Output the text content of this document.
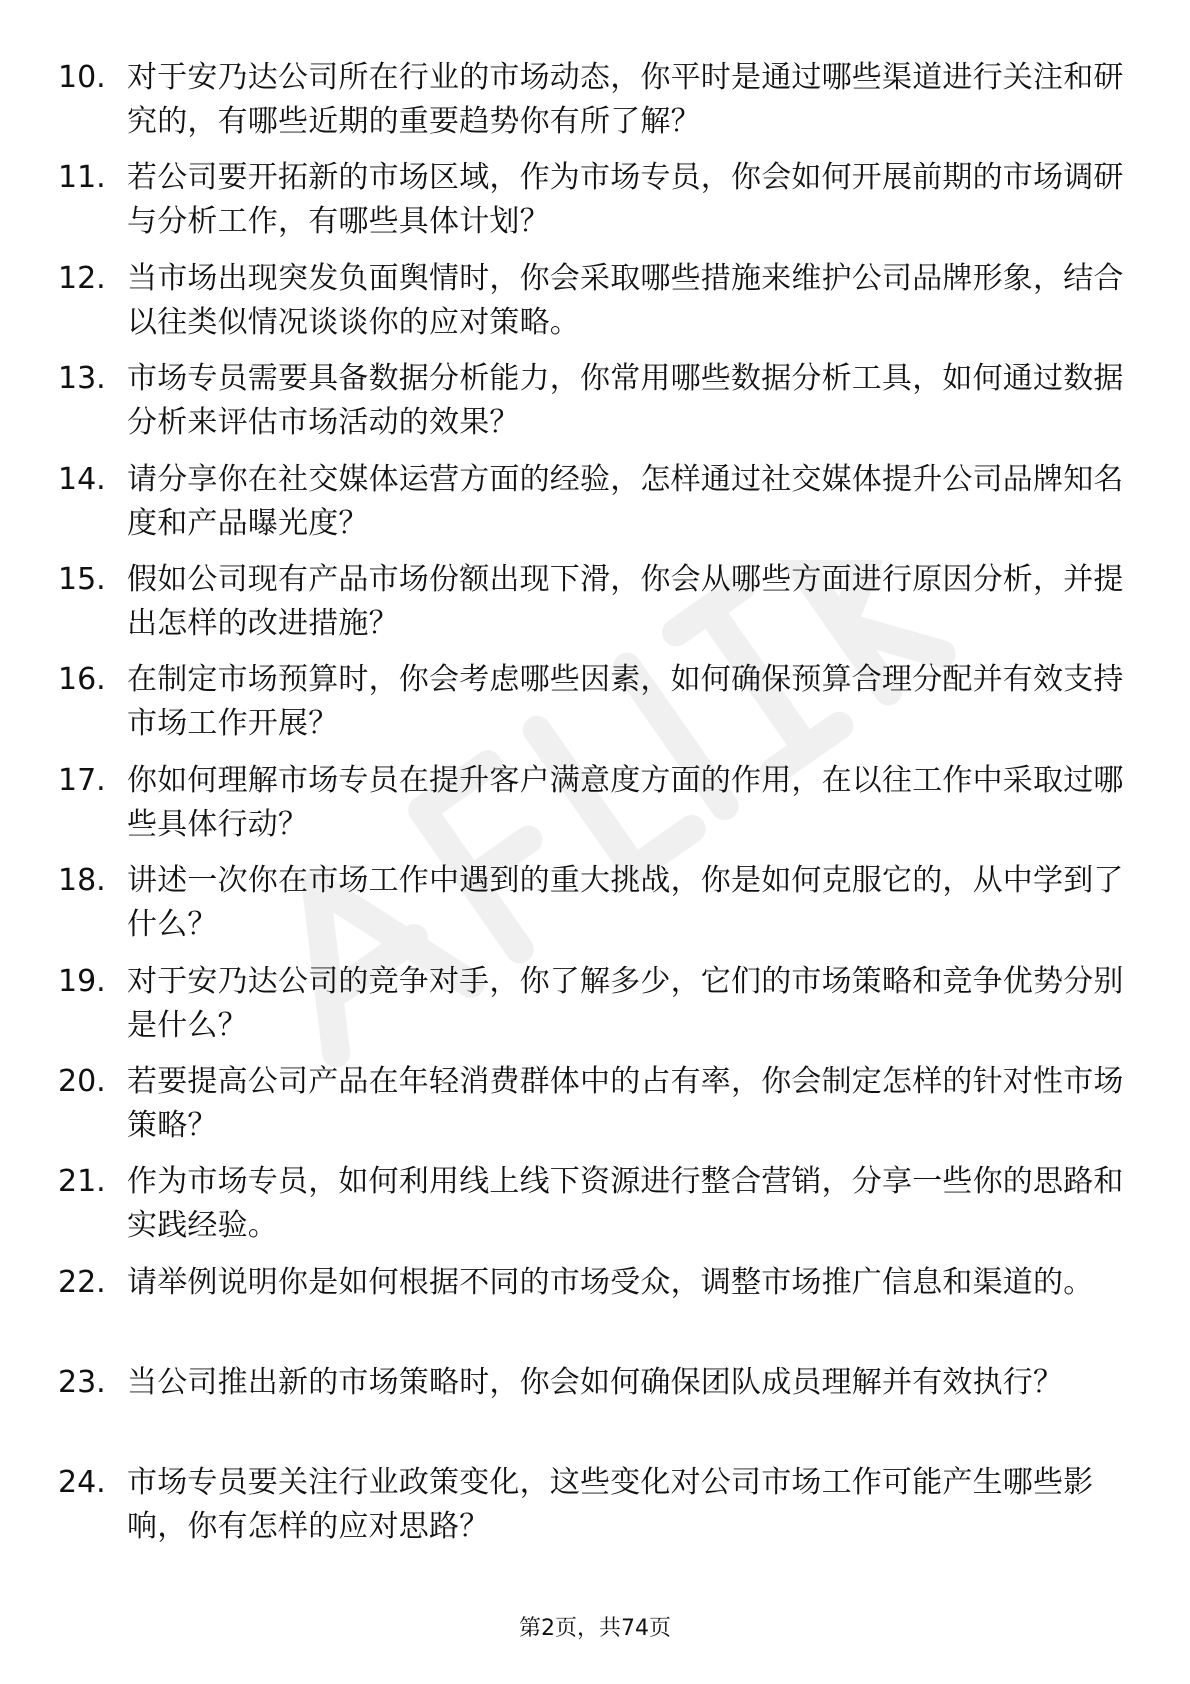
10. 对于安乃达公司所在行业的市场动态，你平时是通过哪些渠道进行关注和研究的，有哪些近期的重要趋势你有所了解？
11. 若公司要开拓新的市场区域，作为市场专员，你会如何开展前期的市场调研与分析工作，有哪些具体计划？
12. 当市场出现突发负面舆情时，你会采取哪些措施来维护公司品牌形象，结合以往类似情况谈谈你的应对策略。
13. 市场专员需要具备数据分析能力，你常用哪些数据分析工具，如何通过数据分析来评估市场活动的效果？
14. 请分享你在社交媒体运营方面的经验，怎样通过社交媒体提升公司品牌知名度和产品曝光度？
15. 假如公司现有产品市场份额出现下滑，你会从哪些方面进行原因分析，并提出怎样的改进措施？
16. 在制定市场预算时，你会考虑哪些因素，如何确保预算合理分配并有效支持市场工作开展？
17. 你如何理解市场专员在提升客户满意度方面的作用，在以往工作中采取过哪些具体行动？
18. 讲述一次你在市场工作中遇到的重大挑战，你是如何克服它的，从中学到了什么？
19. 对于安乃达公司的竞争对手，你了解多少，它们的市场策略和竞争优势分别是什么？
20. 若要提高公司产品在年轻消费群体中的占有率，你会制定怎样的针对性市场策略？
21. 作为市场专员，如何利用线上线下资源进行整合营销，分享一些你的思路和实践经验。
22. 请举例说明你是如何根据不同的市场受众，调整市场推广信息和渠道的。
23. 当公司推出新的市场策略时，你会如何确保团队成员理解并有效执行？
24. 市场专员要关注行业政策变化，这些变化对公司市场工作可能产生哪些影响，你有怎样的应对思路？
第2页，共74页
